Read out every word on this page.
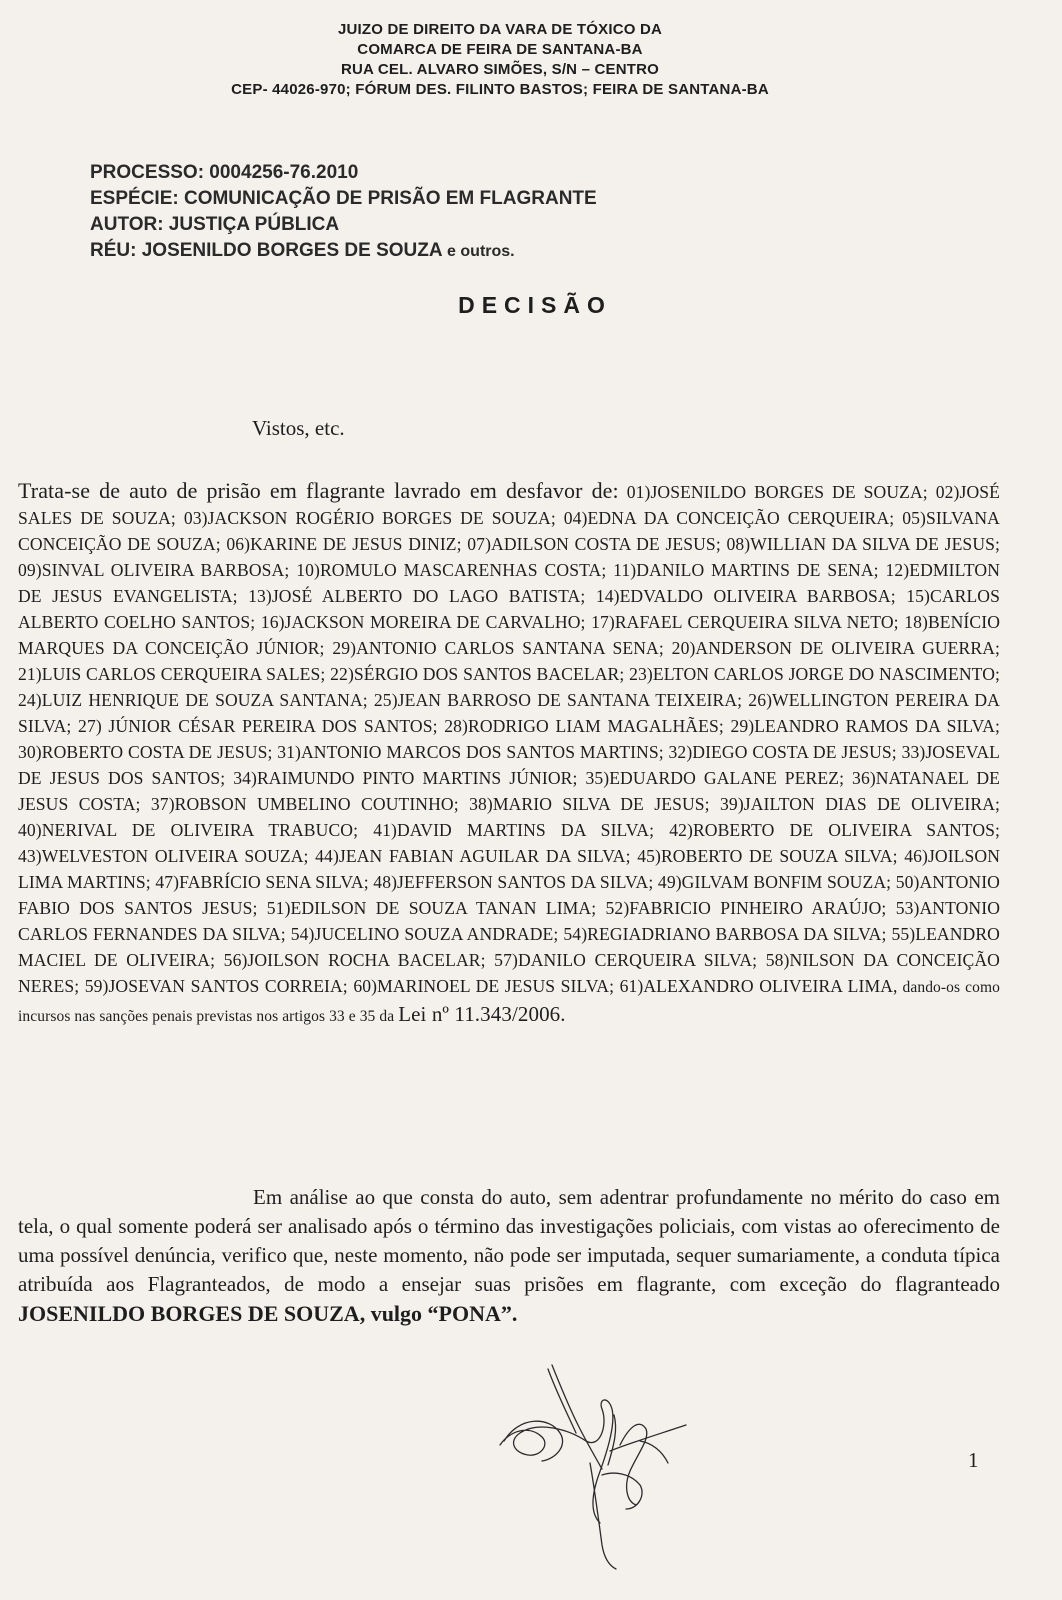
JUIZO DE DIREITO DA VARA DE TÓXICO DA
COMARCA DE FEIRA DE SANTANA-BA
RUA CEL. ALVARO SIMÕES, S/N – CENTRO
CEP- 44026-970; FÓRUM DES. FILINTO BASTOS; FEIRA DE SANTANA-BA
PROCESSO: 0004256-76.2010
ESPÉCIE: COMUNICAÇÃO DE PRISÃO EM FLAGRANTE
AUTOR: JUSTIÇA PÚBLICA
RÉU: JOSENILDO BORGES DE SOUZA e outros.
DECISÃO
Vistos, etc.
Trata-se de auto de prisão em flagrante lavrado em desfavor de: 01)JOSENILDO BORGES DE SOUZA; 02)JOSÉ SALES DE SOUZA; 03)JACKSON ROGÉRIO BORGES DE SOUZA; 04)EDNA DA CONCEIÇÃO CERQUEIRA; 05)SILVANA CONCEIÇÃO DE SOUZA; 06)KARINE DE JESUS DINIZ; 07)ADILSON COSTA DE JESUS; 08)WILLIAN DA SILVA DE JESUS; 09)SINVAL OLIVEIRA BARBOSA; 10)ROMULO MASCARENHAS COSTA; 11)DANILO MARTINS DE SENA; 12)EDMILTON DE JESUS EVANGELISTA; 13)JOSÉ ALBERTO DO LAGO BATISTA; 14)EDVALDO OLIVEIRA BARBOSA; 15)CARLOS ALBERTO COELHO SANTOS; 16)JACKSON MOREIRA DE CARVALHO; 17)RAFAEL CERQUEIRA SILVA NETO; 18)BENÍCIO MARQUES DA CONCEIÇÃO JÚNIOR; 29)ANTONIO CARLOS SANTANA SENA; 20)ANDERSON DE OLIVEIRA GUERRA; 21)LUIS CARLOS CERQUEIRA SALES; 22)SÉRGIO DOS SANTOS BACELAR; 23)ELTON CARLOS JORGE DO NASCIMENTO; 24)LUIZ HENRIQUE DE SOUZA SANTANA; 25)JEAN BARROSO DE SANTANA TEIXEIRA; 26)WELLINGTON PEREIRA DA SILVA; 27) JÚNIOR CÉSAR PEREIRA DOS SANTOS; 28)RODRIGO LIAM MAGALHÃES; 29)LEANDRO RAMOS DA SILVA; 30)ROBERTO COSTA DE JESUS; 31)ANTONIO MARCOS DOS SANTOS MARTINS; 32)DIEGO COSTA DE JESUS; 33)JOSEVAL DE JESUS DOS SANTOS; 34)RAIMUNDO PINTO MARTINS JÚNIOR; 35)EDUARDO GALANE PEREZ; 36)NATANAEL DE JESUS COSTA; 37)ROBSON UMBELINO COUTINHO; 38)MARIO SILVA DE JESUS; 39)JAILTON DIAS DE OLIVEIRA; 40)NERIVAL DE OLIVEIRA TRABUCO; 41)DAVID MARTINS DA SILVA; 42)ROBERTO DE OLIVEIRA SANTOS; 43)WELVESTON OLIVEIRA SOUZA; 44)JEAN FABIAN AGUILAR DA SILVA; 45)ROBERTO DE SOUZA SILVA; 46)JOILSON LIMA MARTINS; 47)FABRÍCIO SENA SILVA; 48)JEFFERSON SANTOS DA SILVA; 49)GILVAM BONFIM SOUZA; 50)ANTONIO FABIO DOS SANTOS JESUS; 51)EDILSON DE SOUZA TANAN LIMA; 52)FABRICIO PINHEIRO ARAÚJO; 53)ANTONIO CARLOS FERNANDES DA SILVA; 54)JUCELINO SOUZA ANDRADE; 54)REGIADRIANO BARBOSA DA SILVA; 55)LEANDRO MACIEL DE OLIVEIRA; 56)JOILSON ROCHA BACELAR; 57)DANILO CERQUEIRA SILVA; 58)NILSON DA CONCEIÇÃO NERES; 59)JOSEVAN SANTOS CORREIA; 60)MARINOEL DE JESUS SILVA; 61)ALEXANDRO OLIVEIRA LIMA, dando-os como incursos nas sanções penais previstas nos artigos 33 e 35 da Lei nº 11.343/2006.
Em análise ao que consta do auto, sem adentrar profundamente no mérito do caso em tela, o qual somente poderá ser analisado após o término das investigações policiais, com vistas ao oferecimento de uma possível denúncia, verifico que, neste momento, não pode ser imputada, sequer sumariamente, a conduta típica atribuída aos Flagranteados, de modo a ensejar suas prisões em flagrante, com exceção do flagranteado JOSENILDO BORGES DE SOUZA, vulgo “PONA”.
1
